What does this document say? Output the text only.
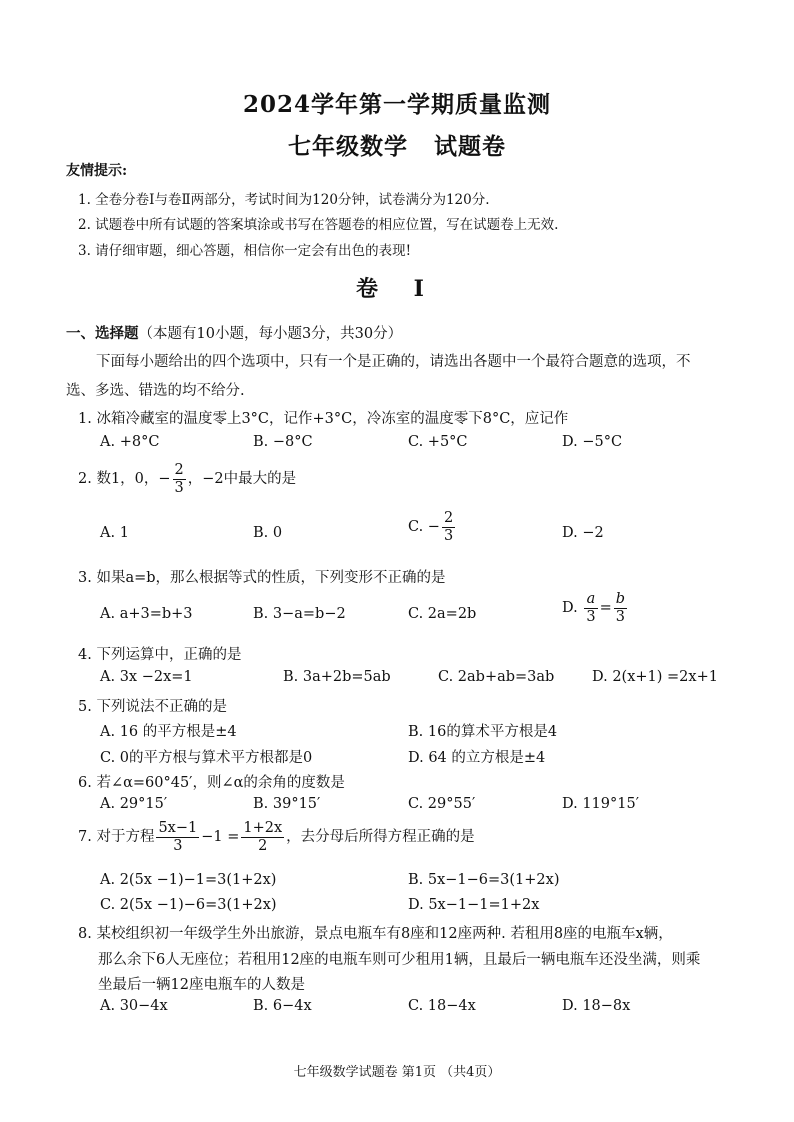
2024学年第一学期质量监测
七年级数学 试题卷
友情提示:
1. 全卷分卷Ⅰ与卷Ⅱ两部分，考试时间为120分钟，试卷满分为120分.
2. 试题卷中所有试题的答案填涂或书写在答题卷的相应位置，写在试题卷上无效.
3. 请仔细审题，细心答题，相信你一定会有出色的表现!
卷 Ⅰ
一、选择题（本题有10小题，每小题3分，共30分）
下面每小题给出的四个选项中，只有一个是正确的，请选出各题中一个最符合题意的选项，不
选、多选、错选的均不给分.
1. 冰箱冷藏室的温度零上3°C，记作+3°C，冷冻室的温度零下8°C，应记作
A. +8°C	B. −8°C	C. +5°C	D. −5°C
2. 数1，0，− $\frac{2}{3}$ ，−2中最大的是
A. 1	B. 0	C. − $\frac{2}{3}$	D. −2
3. 如果a=b，那么根据等式的性质，下列变形不正确的是
A. a+3=b+3	B. 3−a=b−2	C. 2a=2b	D. $\frac{a}{3} = \frac{b}{3}$
4. 下列运算中，正确的是
A. 3x −2x=1	B. 3a+2b=5ab	C. 2ab+ab=3ab	D. 2(x+1) =2x+1
5. 下列说法不正确的是
A. 16 的平方根是±4	B. 16的算术平方根是4
C. 0的平方根与算术平方根都是0	D. 64 的立方根是±4
6. 若∠α=60°45′，则∠α的余角的度数是
A. 29°15′	B. 39°15′	C. 29°55′	D. 119°15′
7. 对于方程 $\frac{5x-1}{3} -1 = \frac{1+2x}{2}$ ，去分母后所得方程正确的是
A. 2(5x −1)−1=3(1+2x)	B. 5x−1−6=3(1+2x)
C. 2(5x −1)−6=3(1+2x)	D. 5x−1−1=1+2x
8. 某校组织初一年级学生外出旅游，景点电瓶车有8座和12座两种. 若租用8座的电瓶车x辆，
那么余下6人无座位；若租用12座的电瓶车则可少租用1辆，且最后一辆电瓶车还没坐满，则乘
坐最后一辆12座电瓶车的人数是
A. 30−4x	B. 6−4x	C. 18−4x	D. 18−8x
七年级数学试题卷 第1页 （共4页）
